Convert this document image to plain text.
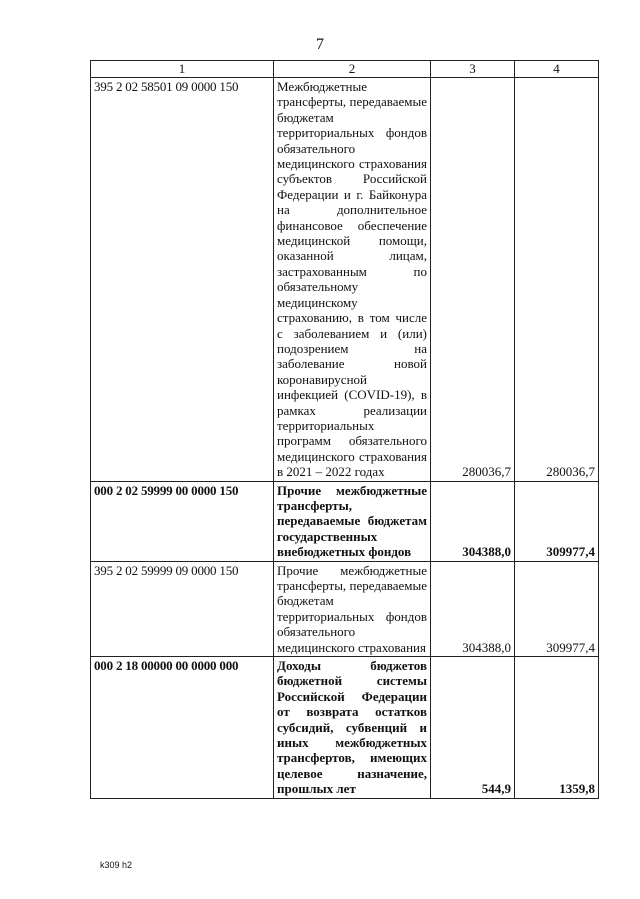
7
1	2	3	4
395 2 02 58501 09 0000 150	Межбюджетные трансферты, передаваемые бюджетам территориальных фондов обязательного медицинского страхования субъектов Российской Федерации и г. Байконура на дополнительное финансовое обеспечение медицинской помощи, оказанной лицам, застрахованным по обязательному медицинскому страхованию, в том числе с заболеванием и (или) подозрением на заболевание новой коронавирусной инфекцией (COVID-19), в рамках реализации территориальных программ обязательного медицинского страхования в 2021 – 2022 годах	280036,7	280036,7
000 2 02 59999 00 0000 150	Прочие межбюджетные трансферты, передаваемые бюджетам государственных внебюджетных фондов	304388,0	309977,4
395 2 02 59999 09 0000 150	Прочие межбюджетные трансферты, передаваемые бюджетам территориальных фондов обязательного медицинского страхования	304388,0	309977,4
000 2 18 00000 00 0000 000	Доходы бюджетов бюджетной системы Российской Федерации от возврата остатков субсидий, субвенций и иных межбюджетных трансфертов, имеющих целевое назначение, прошлых лет	544,9	1359,8
k309 h2
